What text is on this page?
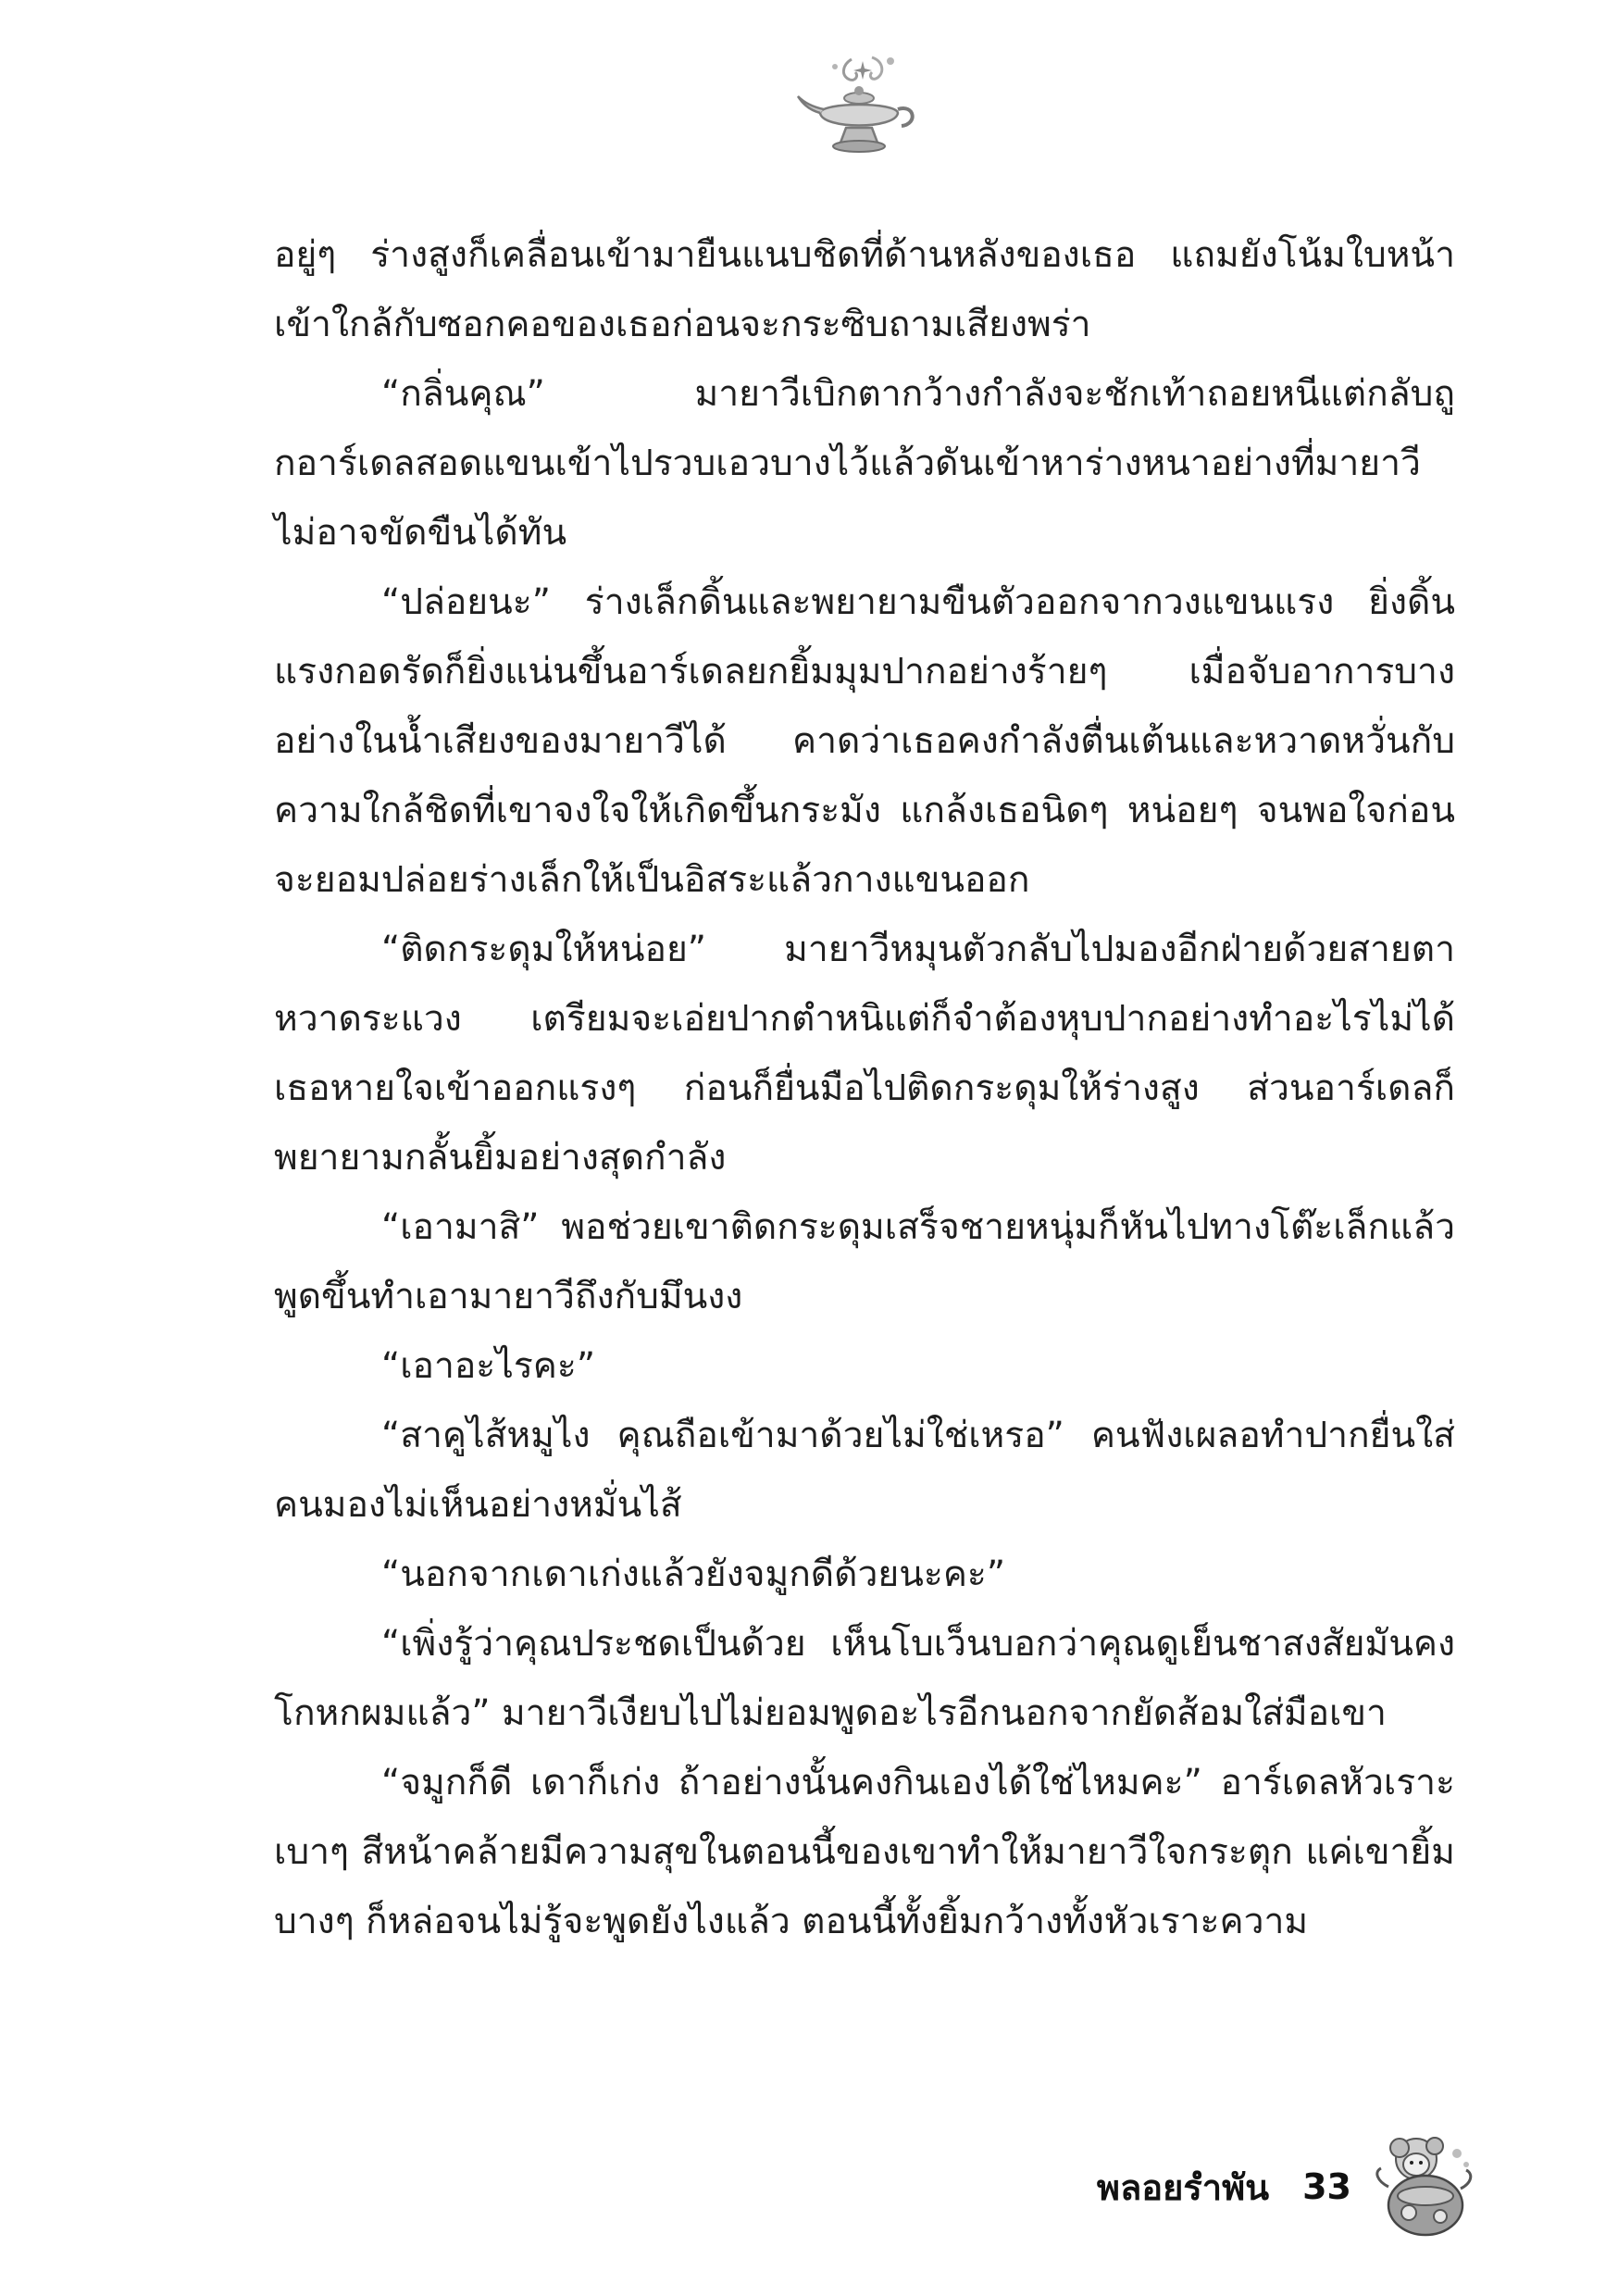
อยู่ๆ ร่างสูงก็เคลื่อนเข้ามายืนแนบชิดที่ด้านหลังของเธอ แถมยังโน้มใบหน้าเข้าใกล้กับซอกคอของเธอก่อนจะกระซิบถามเสียงพร่า

“กลิ่นคุณ” มายาวีเบิกตากว้างกำลังจะชักเท้าถอยหนีแต่กลับถูกอาร์เดลสอดแขนเข้าไปรวบเอวบางไว้แล้วดันเข้าหาร่างหนาอย่างที่มายาวีไม่อาจขัดขืนได้ทัน

“ปล่อยนะ” ร่างเล็กดิ้นและพยายามขืนตัวออกจากวงแขนแรง ยิ่งดิ้นแรงกอดรัดก็ยิ่งแน่นขึ้นอาร์เดลยกยิ้มมุมปากอย่างร้ายๆ เมื่อจับอาการบางอย่างในน้ำเสียงของมายาวีได้ คาดว่าเธอคงกำลังตื่นเต้นและหวาดหวั่นกับความใกล้ชิดที่เขาจงใจให้เกิดขึ้นกระมัง แกล้งเธอนิดๆ หน่อยๆ จนพอใจก่อนจะยอมปล่อยร่างเล็กให้เป็นอิสระแล้วกางแขนออก

“ติดกระดุมให้หน่อย” มายาวีหมุนตัวกลับไปมองอีกฝ่ายด้วยสายตาหวาดระแวง เตรียมจะเอ่ยปากตำหนิแต่ก็จำต้องหุบปากอย่างทำอะไรไม่ได้ เธอหายใจเข้าออกแรงๆ ก่อนก็ยื่นมือไปติดกระดุมให้ร่างสูง ส่วนอาร์เดลก็พยายามกลั้นยิ้มอย่างสุดกำลัง

“เอามาสิ” พอช่วยเขาติดกระดุมเสร็จชายหนุ่มก็หันไปทางโต๊ะเล็กแล้วพูดขึ้นทำเอามายาวีถึงกับมึนงง

“เอาอะไรคะ”

“สาคูไส้หมูไง คุณถือเข้ามาด้วยไม่ใช่เหรอ” คนฟังเผลอทำปากยื่นใส่คนมองไม่เห็นอย่างหมั่นไส้

“นอกจากเดาเก่งแล้วยังจมูกดีด้วยนะคะ”

“เพิ่งรู้ว่าคุณประชดเป็นด้วย เห็นโบเว็นบอกว่าคุณดูเย็นชาสงสัยมันคงโกหกผมแล้ว” มายาวีเงียบไปไม่ยอมพูดอะไรอีกนอกจากยัดส้อมใส่มือเขา

“จมูกก็ดี เดาก็เก่ง ถ้าอย่างนั้นคงกินเองได้ใช่ไหมคะ” อาร์เดลหัวเราะเบาๆ สีหน้าคล้ายมีความสุขในตอนนี้ของเขาทำให้มายาวีใจกระตุก แค่เขายิ้มบางๆ ก็หล่อจนไม่รู้จะพูดยังไงแล้ว ตอนนี้ทั้งยิ้มกว้างทั้งหัวเราะความ

พลอยรำพัน 33
